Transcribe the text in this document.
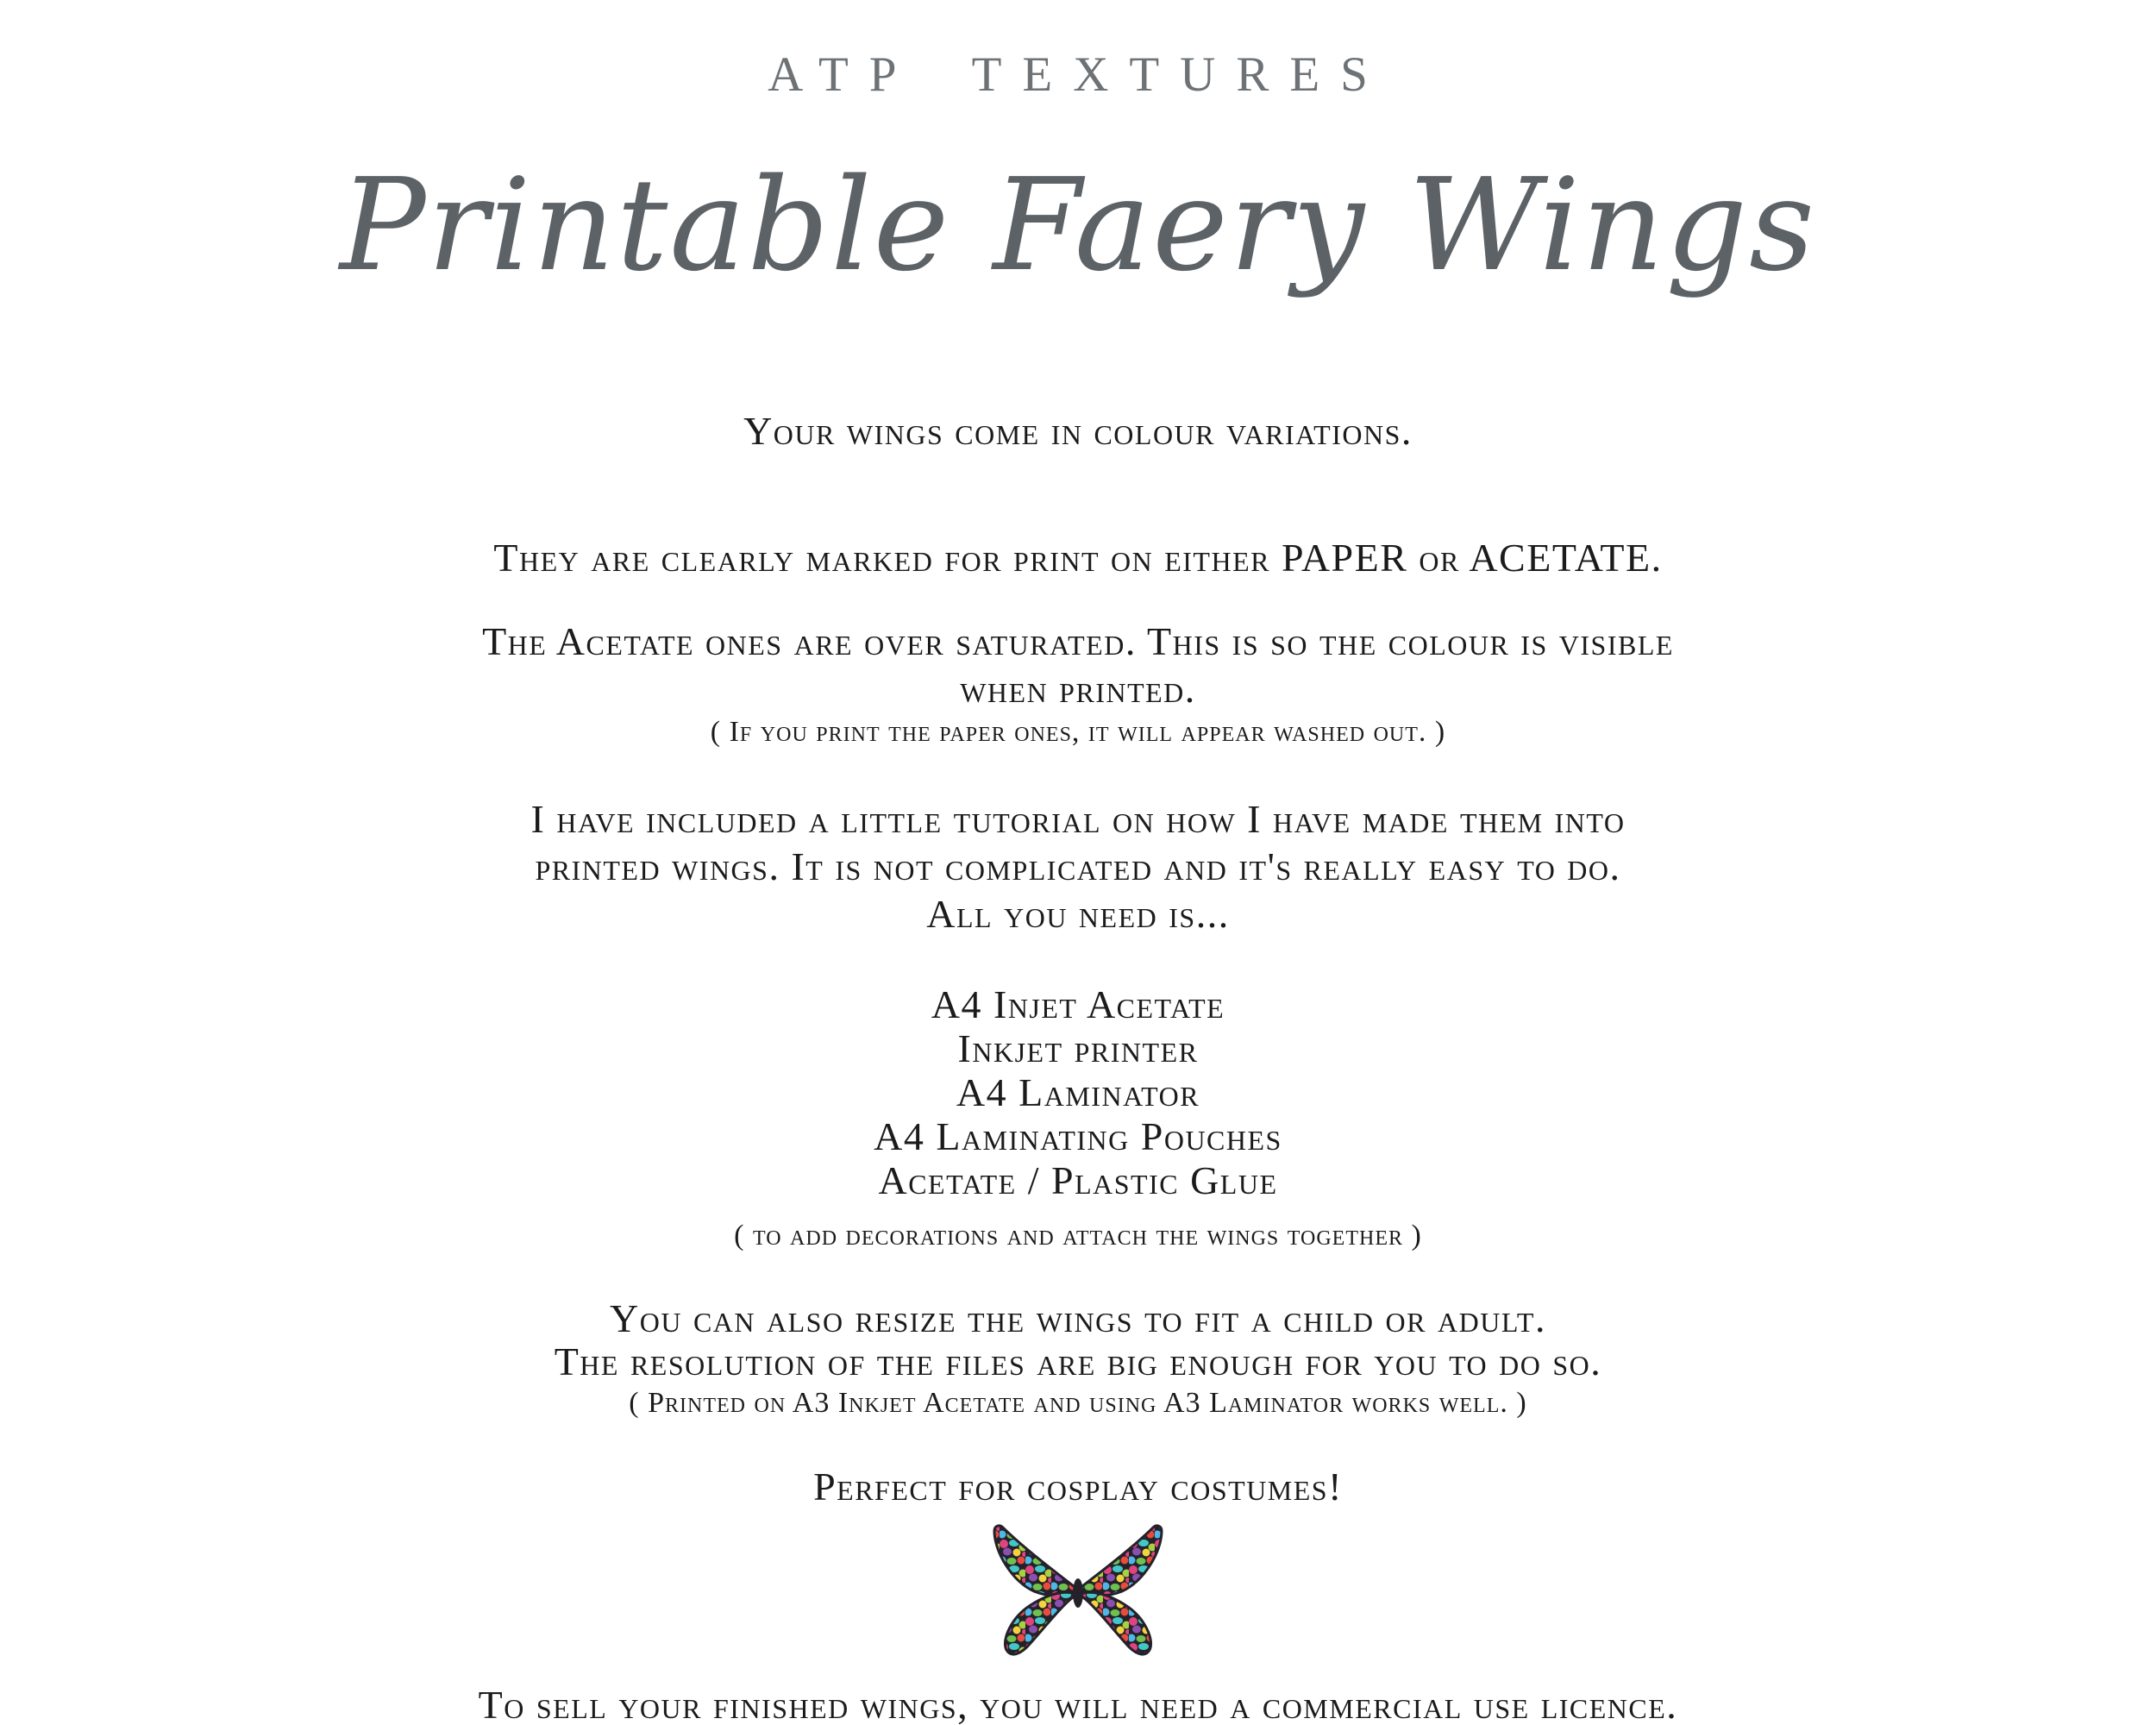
ATP TEXTURES
Printable Faery Wings

Your wings come in colour variations.

They are clearly marked for print on either PAPER or ACETATE.

The Acetate ones are over saturated. This is so the colour is visible

when printed.

( If you print the paper ones, it will appear washed out. )

I have included a little tutorial on how I have made them into

printed wings. It is not complicated and it's really easy to do.

All you need is...

A4 Injet Acetate
Inkjet printer
A4 Laminator
A4 Laminating Pouches
Acetate / Plastic Glue

( to add decorations and attach the wings together )

You can also resize the wings to fit a child or adult.

The resolution of the files are big enough for you to do so.

( Printed on A3 Inkjet Acetate and using A3 Laminator works well. )

Perfect for cosplay costumes!

To sell your finished wings, you will need a commercial use licence.
